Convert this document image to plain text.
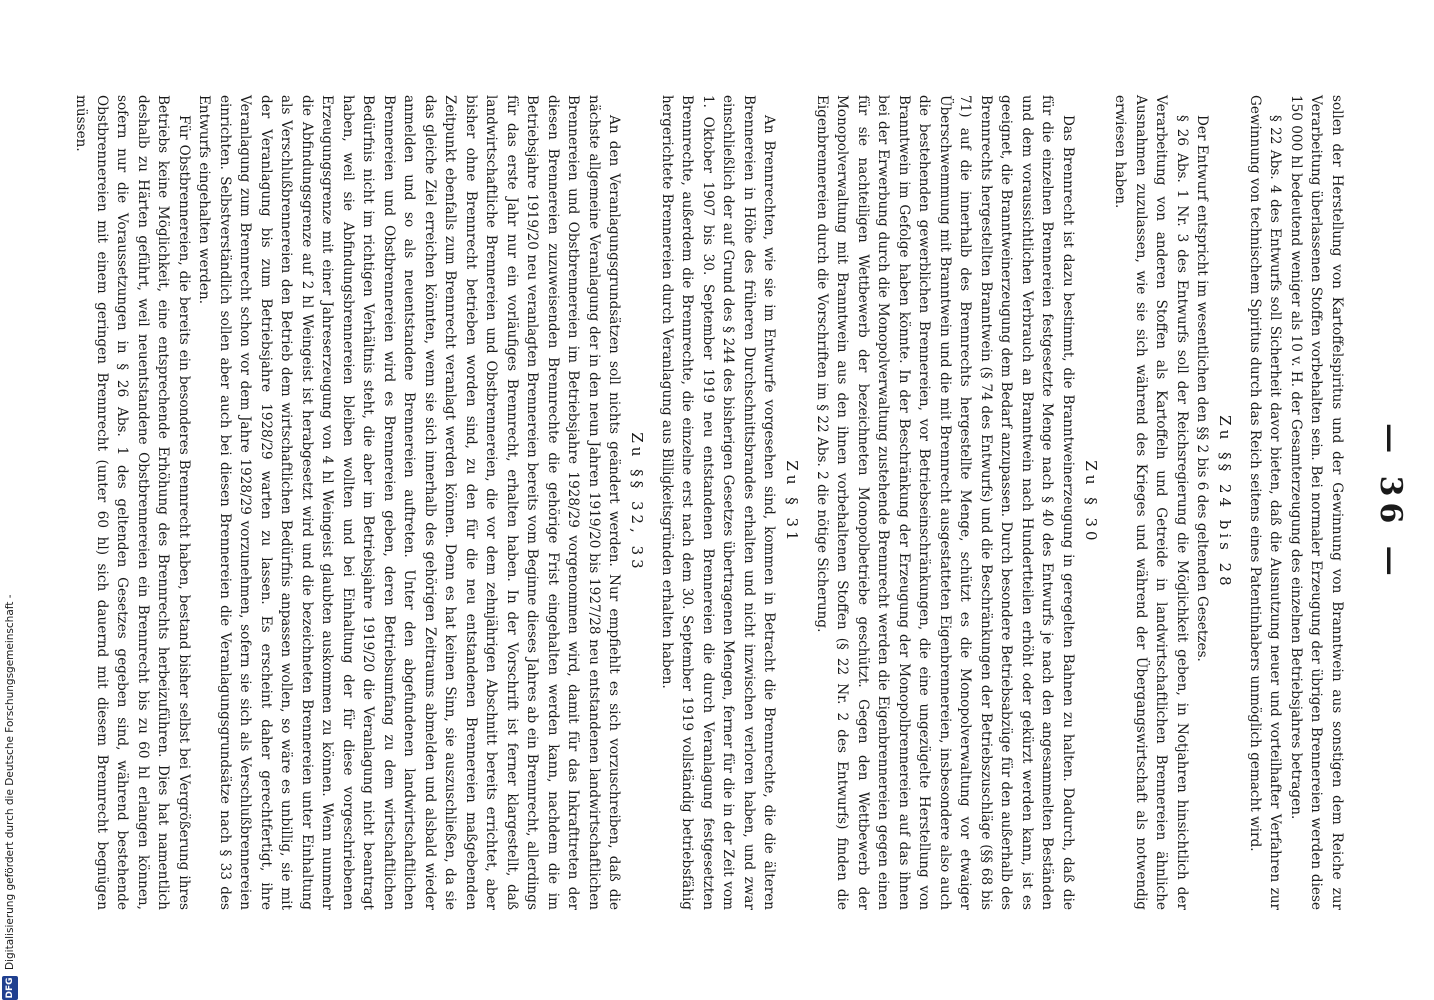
— 36 —

sollen der Herstellung von Kartoffelspiritus und der Gewinnung von Branntwein aus sonstigen dem Reiche zur Verarbeitung überlassenen Stoffen vorbehalten sein. Bei normaler Erzeugung der übrigen Brennereien werden diese 150 000 hl bedeutend weniger als 10 v. H. der Gesamterzeugung des einzelnen Betriebsjahres betragen.

§ 22 Abs. 4 des Entwurfs soll Sicherheit davor bieten, daß die Ausnutzung neuer und vorteilhafter Verfahren zur Gewinnung von technischem Spiritus durch das Reich seitens eines Patentinhabers unmöglich gemacht wird.

Zu §§ 24 bis 28

Der Entwurf entspricht im wesentlichen den §§ 2 bis 6 des geltenden Gesetzes.

§ 26 Abs. 1 Nr. 3 des Entwurfs soll der Reichsregierung die Möglichkeit geben, in Notjahren hinsichtlich der Verarbeitung von anderen Stoffen als Kartoffeln und Getreide in landwirtschaftlichen Brennereien ähnliche Ausnahmen zuzulassen, wie sie sich während des Krieges und während der Übergangswirtschaft als notwendig erwiesen haben.

Zu § 30

Das Brennrecht ist dazu bestimmt, die Branntweinerzeugung in geregelten Bahnen zu halten. Dadurch, daß die für die einzelnen Brennereien festgesetzte Menge nach § 40 des Entwurfs je nach den angesammelten Beständen und dem voraussichtlichen Verbrauch an Branntwein nach Hundertteilen erhöht oder gekürzt werden kann, ist es geeignet, die Branntweinerzeugung dem Bedarf anzupassen. Durch besondere Betriebsabzüge für den außerhalb des Brennrechts hergestellten Branntwein (§ 74 des Entwurfs) und die Beschränkungen der Betriebszuschläge (§§ 68 bis 71) auf die innerhalb des Brennrechts hergestellte Menge, schützt es die Monopolverwaltung vor etwaiger Überschwemmung mit Branntwein und die mit Brennrecht ausgestatteten Eigenbrennereien, insbesondere also auch die bestehenden gewerblichen Brennereien, vor Betriebseinschränkungen, die eine ungezügelte Herstellung von Branntwein im Gefolge haben könnte. In der Beschränkung der Erzeugung der Monopolbrennereien auf das ihnen bei der Erwerbung durch die Monopolverwaltung zustehende Brennrecht werden die Eigenbrennereien gegen einen für sie nachteiligen Wettbewerb der bezeichneten Monopolbetriebe geschützt. Gegen den Wettbewerb der Monopolverwaltung mit Branntwein aus den ihnen vorbehaltenen Stoffen (§ 22 Nr. 2 des Entwurfs) finden die Eigenbrennereien durch die Vorschriften im § 22 Abs. 2 die nötige Sicherung.

Zu § 31

An Brennrechten, wie sie im Entwurfe vorgesehen sind, kommen in Betracht die Brennrechte, die die älteren Brennereien in Höhe des früheren Durchschnittsbrandes erhalten und nicht inzwischen verloren haben, und zwar einschließlich der auf Grund des § 244 des bisherigen Gesetzes übertragenen Mengen, ferner für die in der Zeit vom 1. Oktober 1907 bis 30. September 1919 neu entstandenen Brennereien die durch Veranlagung festgesetzten Brennrechte, außerdem die Brennrechte, die einzelne erst nach dem 30. September 1919 vollständig betriebsfähig hergerichtete Brennereien durch Veranlagung aus Billigkeitsgründen erhalten haben.

Zu §§ 32, 33

An den Veranlagungsgrundsätzen soll nichts geändert werden. Nur empfiehlt es sich vorzuschreiben, daß die nächste allgemeine Veranlagung der in den neun Jahren 1919/20 bis 1927/28 neu entstandenen landwirtschaftlichen Brennereien und Obstbrennereien im Betriebsjahre 1928/29 vorgenommen wird, damit für das Inkrafttreten der diesen Brennereien zuzuweisenden Brennrechte die gehörige Frist eingehalten werden kann, nachdem die im Betriebsjahre 1919/20 neu veranlagten Brennereien bereits vom Beginne dieses Jahres ab ein Brennrecht, allerdings für das erste Jahr nur ein vorläufiges Brennrecht, erhalten haben. In der Vorschrift ist ferner klargestellt, daß landwirtschaftliche Brennereien und Obstbrennereien, die vor dem zehnjährigen Abschnitt bereits errichtet, aber bisher ohne Brennrecht betrieben worden sind, zu den für die neu entstandenen Brennereien maßgebenden Zeitpunkt ebenfalls zum Brennrecht veranlagt werden können. Denn es hat keinen Sinn, sie auszuschließen, da sie das gleiche Ziel erreichen könnten, wenn sie sich innerhalb des gehörigen Zeitraums abmelden und alsbald wieder anmelden und so als neuentstandene Brennereien auftreten. Unter den abgefundenen landwirtschaftlichen Brennereien und Obstbrennereien wird es Brennereien geben, deren Betriebsumfang zu dem wirtschaftlichen Bedürfnis nicht im richtigen Verhältnis steht, die aber im Betriebsjahre 1919/20 die Veranlagung nicht beantragt haben, weil sie Abfindungsbrennereien bleiben wollten und bei Einhaltung der für diese vorgeschriebenen Erzeugungsgrenze mit einer Jahreserzeugung von 4 hl Weingeist glaubten auskommen zu können. Wenn nunmehr die Abfindungsgrenze auf 2 hl Weingeist ist herabgesetzt wird und die bezeichneten Brennereien unter Einhaltung als Verschlußbrennereien den Betrieb dem wirtschaftlichen Bedürfnis anpassen wollen, so wäre es unbillig, sie mit der Veranlagung bis zum Betriebsjahre 1928/29 warten zu lassen. Es erscheint daher gerechtfertigt, ihre Veranlagung zum Brennrecht schon vor dem Jahre 1928/29 vorzunehmen, sofern sie sich als Verschlußbrennereien einrichten. Selbstverständlich sollen aber auch bei diesen Brennereien die Veranlagungsgrundsätze nach § 33 des Entwurfs eingehalten werden.

Für Obstbrennereien, die bereits ein besonderes Brennrecht haben, bestand bisher selbst bei Vergrößerung ihres Betriebs keine Möglichkeit, eine entsprechende Erhöhung des Brennrechts herbeizuführen. Dies hat namentlich deshalb zu Härten geführt, weil neuentstandene Obstbrennereien ein Brennrecht bis zu 60 hl erlangen können, sofern nur die Voraussetzungen in § 26 Abs. 1 des geltenden Gesetzes gegeben sind, während bestehende Obstbrennereien mit einem geringen Brennrecht (unter 60 hl) sich dauernd mit diesem Brennrecht begnügen müssen.

DFG
Digitalisierung gefördert durch die Deutsche Forschungsgemeinschaft -
